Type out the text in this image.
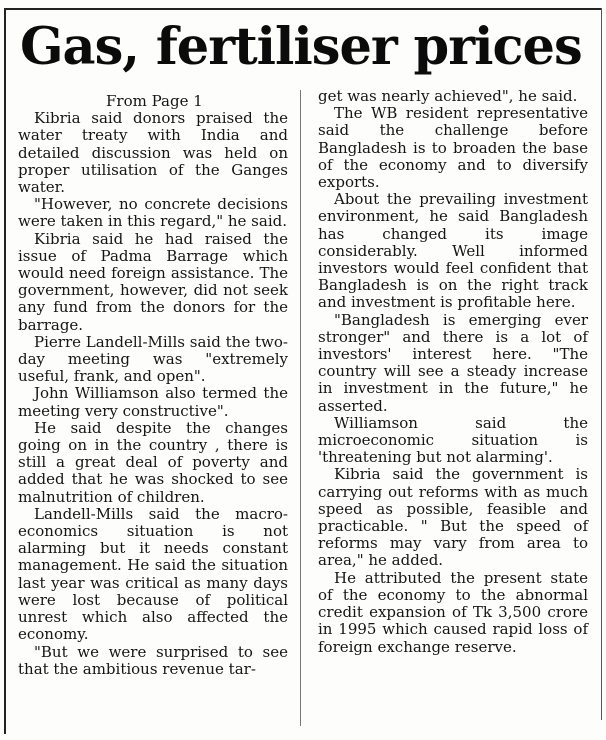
Gas, fertiliser prices

From Page 1

Kibria said donors praised the water treaty with India and detailed discussion was held on proper utilisation of the Ganges water.

"However, no concrete decisions were taken in this regard," he said.

Kibria said he had raised the issue of Padma Barrage which would need foreign assistance. The government, however, did not seek any fund from the donors for the barrage.

Pierre Landell-Mills said the two-day meeting was "extremely useful, frank, and open".

John Williamson also termed the meeting very constructive".

He said despite the changes going on in the country , there is still a great deal of poverty and added that he was shocked to see malnutrition of children.

Landell-Mills said the macro-economics situation is not alarming but it needs constant management. He said the situation last year was critical as many days were lost because of political unrest which also affected the economy.

"But we were surprised to see that the ambitious revenue tar-

get was nearly achieved", he said.

The WB resident representative said the challenge before Bangladesh is to broaden the base of the economy and to diversify exports.

About the prevailing investment environment, he said Bangladesh has changed its image considerably. Well informed investors would feel confident that Bangladesh is on the right track and investment is profitable here.

"Bangladesh is emerging ever stronger" and there is a lot of investors' interest here. "The country will see a steady increase in investment in the future," he asserted.

Williamson said the microeconomic situation is 'threatening but not alarming'.

Kibria said the government is carrying out reforms with as much speed as possible, feasible and practicable. " But the speed of reforms may vary from area to area," he added.

He attributed the present state of the economy to the abnormal credit expansion of Tk 3,500 crore in 1995 which caused rapid loss of foreign exchange reserve.
